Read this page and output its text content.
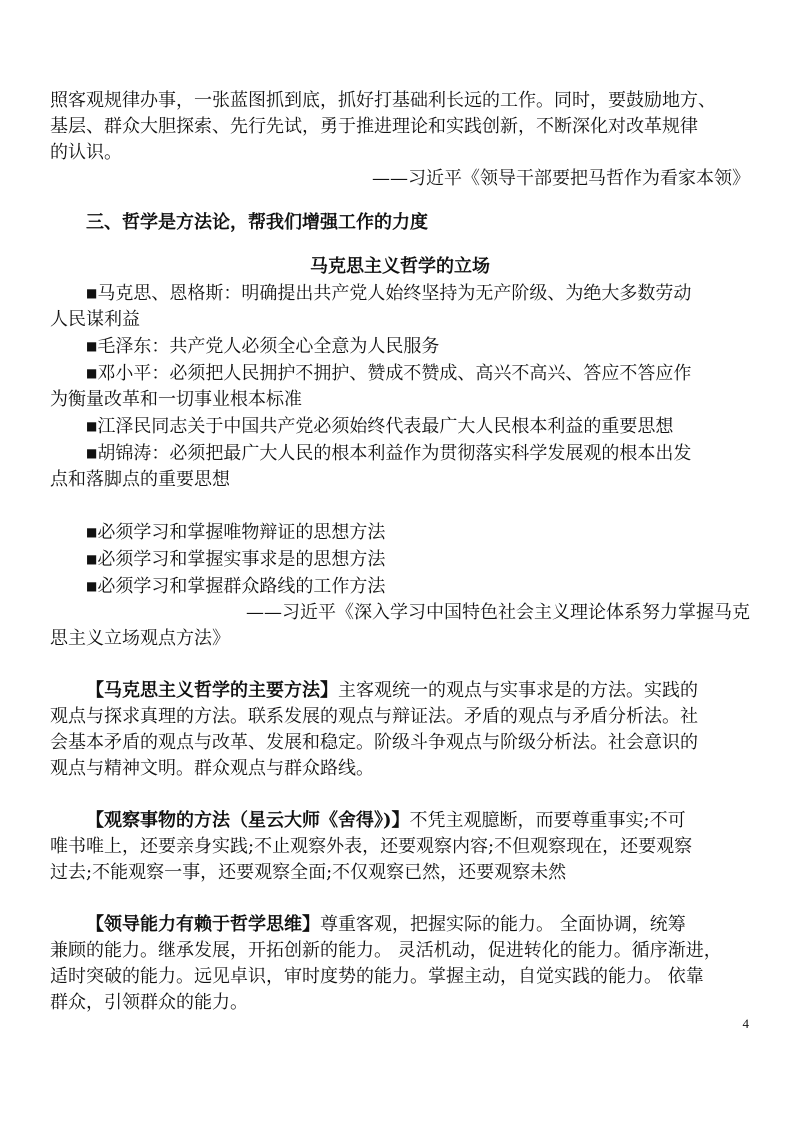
照客观规律办事，一张蓝图抓到底，抓好打基础利长远的工作。同时，要鼓励地方、
基层、群众大胆探索、先行先试，勇于推进理论和实践创新，不断深化对改革规律
的认识。
——习近平《领导干部要把马哲作为看家本领》
三、哲学是方法论，帮我们增强工作的力度
马克思主义哲学的立场
■马克思、恩格斯：明确提出共产党人始终坚持为无产阶级、为绝大多数劳动
人民谋利益
■毛泽东：共产党人必须全心全意为人民服务
■邓小平：必须把人民拥护不拥护、赞成不赞成、高兴不高兴、答应不答应作
为衡量改革和一切事业根本标准
■江泽民同志关于中国共产党必须始终代表最广大人民根本利益的重要思想
■胡锦涛：必须把最广大人民的根本利益作为贯彻落实科学发展观的根本出发
点和落脚点的重要思想
■必须学习和掌握唯物辩证的思想方法
■必须学习和掌握实事求是的思想方法
■必须学习和掌握群众路线的工作方法
——习近平《深入学习中国特色社会主义理论体系努力掌握马克
思主义立场观点方法》
【马克思主义哲学的主要方法】主客观统一的观点与实事求是的方法。实践的
观点与探求真理的方法。联系发展的观点与辩证法。矛盾的观点与矛盾分析法。社
会基本矛盾的观点与改革、发展和稳定。阶级斗争观点与阶级分析法。社会意识的
观点与精神文明。群众观点与群众路线。
【观察事物的方法（星云大师《舍得》)】不凭主观臆断，而要尊重事实;不可
唯书唯上，还要亲身实践;不止观察外表，还要观察内容;不但观察现在，还要观察
过去;不能观察一事，还要观察全面;不仅观察已然，还要观察未然
【领导能力有赖于哲学思维】尊重客观，把握实际的能力。 全面协调，统筹
兼顾的能力。继承发展，开拓创新的能力。 灵活机动，促进转化的能力。循序渐进，
适时突破的能力。远见卓识，审时度势的能力。掌握主动，自觉实践的能力。 依靠
群众，引领群众的能力。
4
